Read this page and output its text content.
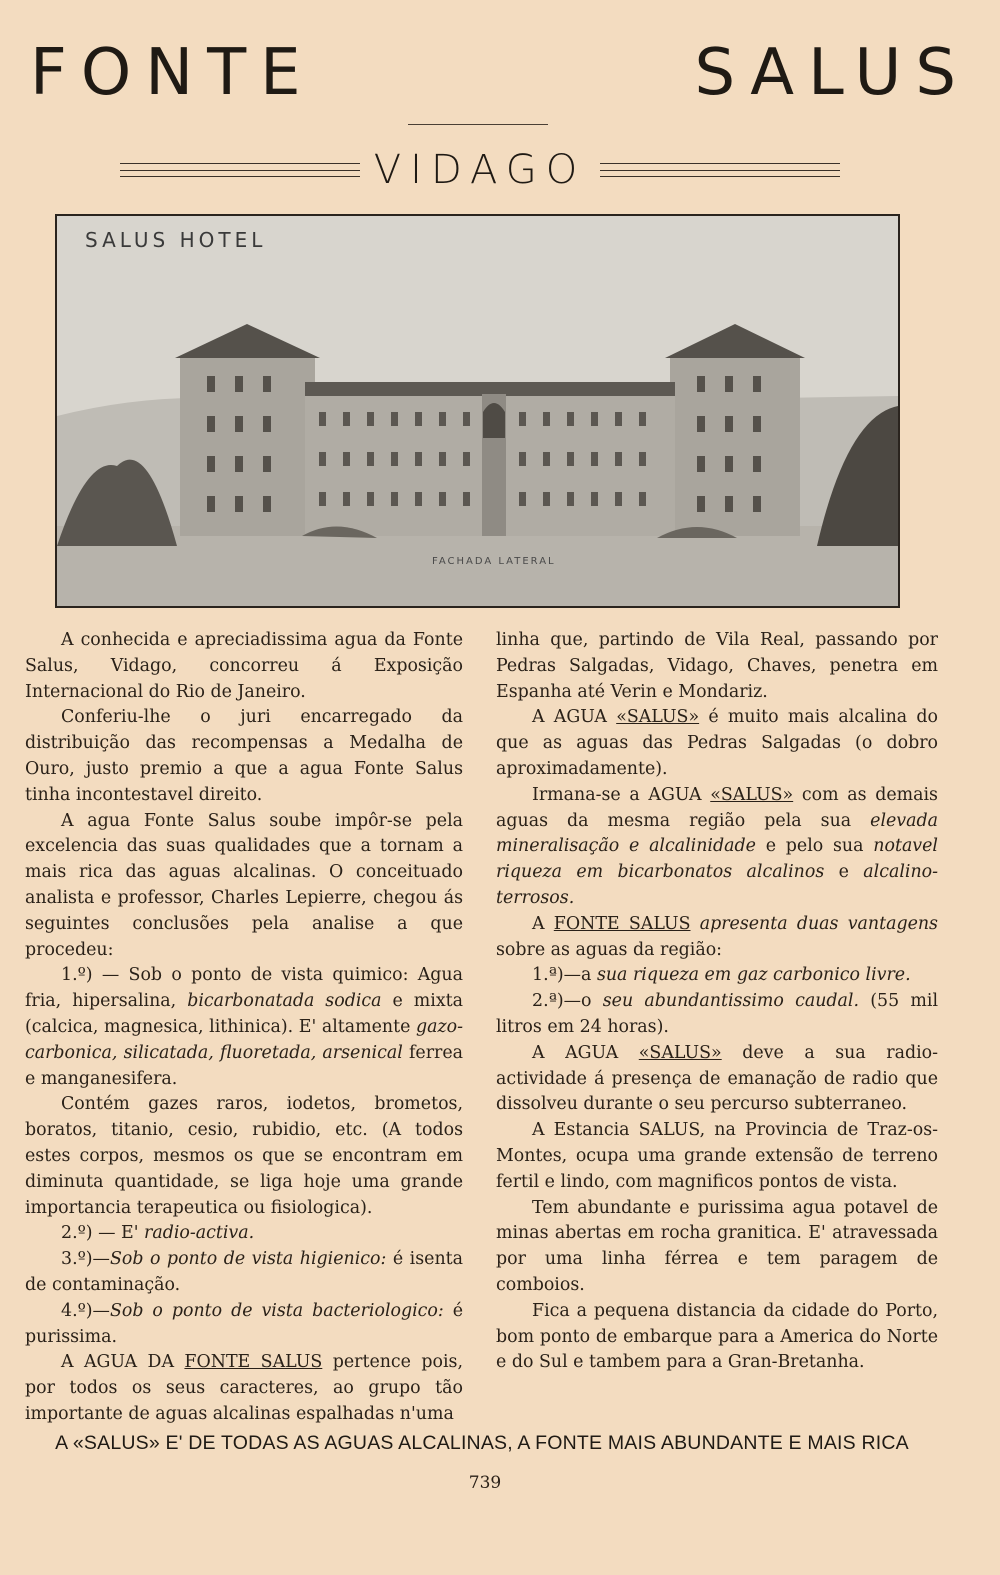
FONTE	SALUS
VIDAGO
SALUS HOTEL
FACHADA LATERAL

A conhecida e apreciadissima agua da Fonte Salus, Vidago, concorreu á Exposição Internacional do Rio de Janeiro.

Conferiu-lhe o juri encarregado da distribuição das recompensas a Medalha de Ouro, justo premio a que a agua Fonte Salus tinha incontestavel direito.

A agua Fonte Salus soube impôr-se pela excelencia das suas qualidades que a tornam a mais rica das aguas alcalinas. O conceituado analista e professor, Charles Lepierre, chegou ás seguintes conclusões pela analise a que procedeu:

1.º) — Sob o ponto de vista quimico: Agua fria, hipersalina, bicarbonatada sodica e mixta (calcica, magnesica, lithinica). E' altamente gazo-carbonica, silicatada, fluoretada, arsenical ferrea e manganesifera.

Contém gazes raros, iodetos, brometos, boratos, titanio, cesio, rubidio, etc. (A todos estes corpos, mesmos os que se encontram em diminuta quantidade, se liga hoje uma grande importancia terapeutica ou fisiologica).

2.º) — E' radio-activa.

3.º)—Sob o ponto de vista higienico: é isenta de contaminação.

4.º)—Sob o ponto de vista bacteriologico: é purissima.

A AGUA DA FONTE SALUS pertence pois, por todos os seus caracteres, ao grupo tão importante de aguas alcalinas espalhadas n'uma

linha que, partindo de Vila Real, passando por Pedras Salgadas, Vidago, Chaves, penetra em Espanha até Verin e Mondariz.

A AGUA «SALUS» é muito mais alcalina do que as aguas das Pedras Salgadas (o dobro aproximadamente).

Irmana-se a AGUA «SALUS» com as demais aguas da mesma região pela sua elevada mineralisação e alcalinidade e pelo sua notavel riqueza em bicarbonatos alcalinos e alcalino-terrosos.

A FONTE SALUS apresenta duas vantagens sobre as aguas da região:

1.ª)—a sua riqueza em gaz carbonico livre.

2.ª)—o seu abundantissimo caudal. (55 mil litros em 24 horas).

A AGUA «SALUS» deve a sua radio-actividade á presença de emanação de radio que dissolveu durante o seu percurso subterraneo.

A Estancia SALUS, na Provincia de Traz-os-Montes, ocupa uma grande extensão de terreno fertil e lindo, com magnificos pontos de vista.

Tem abundante e purissima agua potavel de minas abertas em rocha granitica. E' atravessada por uma linha férrea e tem paragem de comboios.

Fica a pequena distancia da cidade do Porto, bom ponto de embarque para a America do Norte e do Sul e tambem para a Gran-Bretanha.

A «SALUS» E' DE TODAS AS AGUAS ALCALINAS, A FONTE MAIS ABUNDANTE E MAIS RICA
739
